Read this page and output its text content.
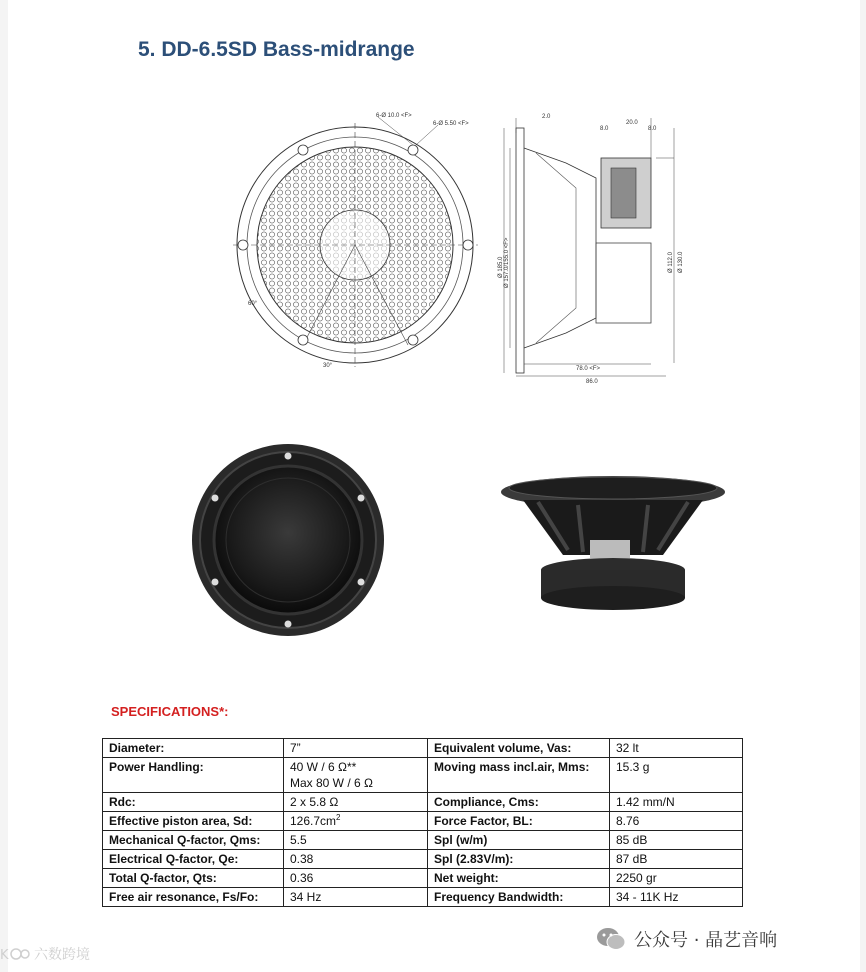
5. DD-6.5SD Bass-midrange
6-Ø 10.0 <F>
6-Ø 5.50 <F>
30°
60°
2.0
8.0
20.0
8.0
Ø 185.0 Ø 157.0/155.0 <F>	Ø 112.0 Ø 130.0
78.0 <F>
86.0
SPECIFICATIONS*:
Diameter:	7”	Equivalent volume, Vas:	32 lt
Power Handling:	40 W / 6 Ω**
Max 80 W / 6 Ω	Moving mass incl.air, Mms:	15.3 g
Rdc:	2 x 5.8 Ω	Compliance, Cms:	1.42 mm/N
Effective piston area, Sd:	$126.7cm^2$	Force Factor, BL:	8.76
Mechanical Q-factor, Qms:	5.5	Spl (w/m)	85 dB
Electrical Q-factor, Qe:	0.38	Spl (2.83V/m):	87 dB
Total Q-factor, Qts:	0.36	Net weight:	2250 gr
Free air resonance, Fs/Fo:	34 Hz	Frequency Bandwidth:	34 - 11K Hz
K 六数跨境
公众号 · 晶艺音响
